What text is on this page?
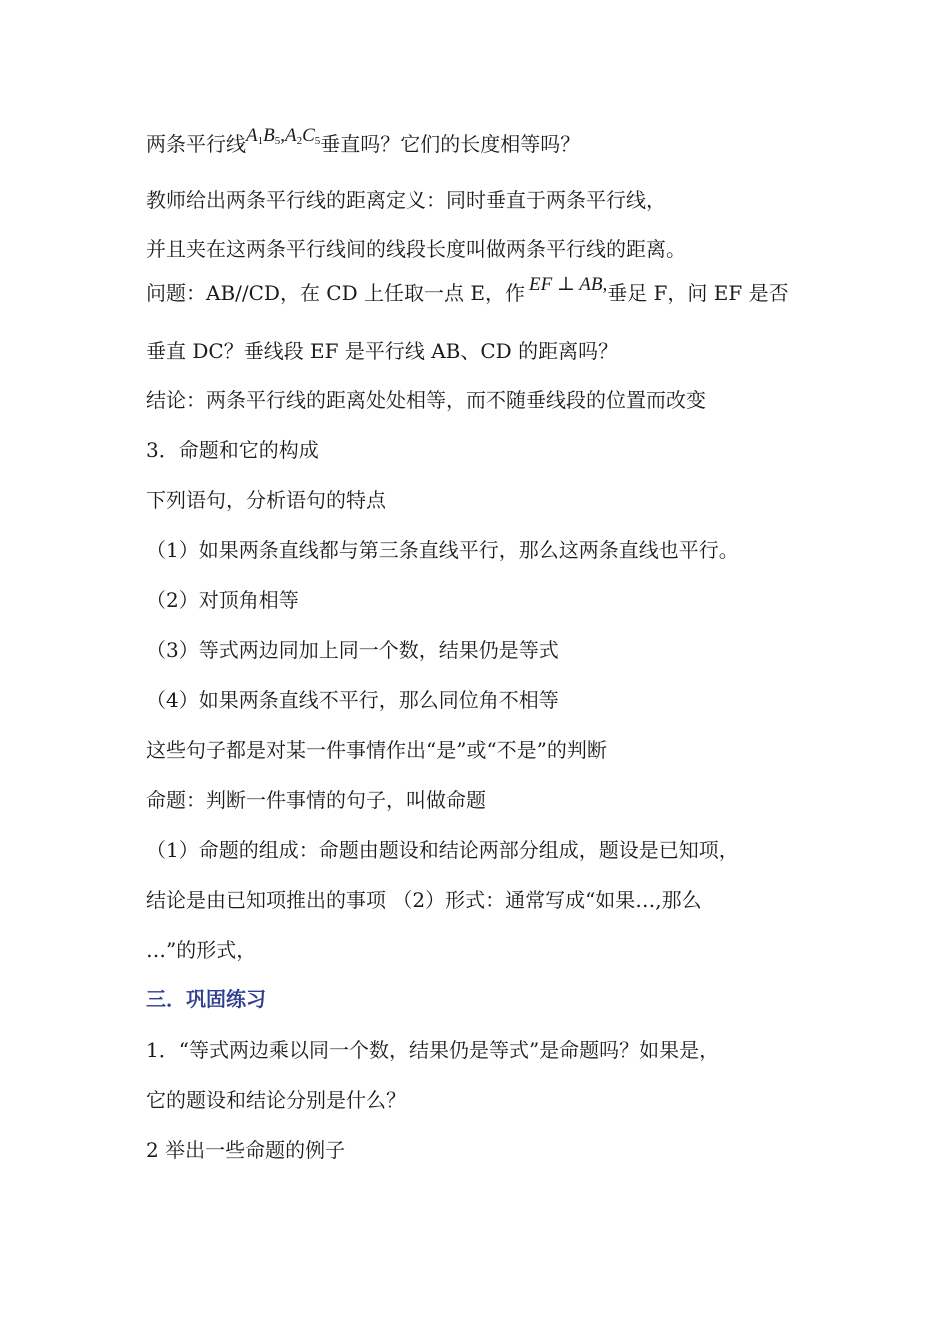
两条平行线$A_1B_5,A_2C_5$垂直吗？它们的长度相等吗？
教师给出两条平行线的距离定义：同时垂直于两条平行线，
并且夹在这两条平行线间的线段长度叫做两条平行线的距离。
问题：AB//CD，在 CD 上任取一点 E，作 EF ⊥ AB,垂足 F，问 EF 是否
垂直 DC？垂线段 EF 是平行线 AB、CD 的距离吗？
结论：两条平行线的距离处处相等，而不随垂线段的位置而改变
3．命题和它的构成
下列语句，分析语句的特点
（1）如果两条直线都与第三条直线平行，那么这两条直线也平行。
（2）对顶角相等
（3）等式两边同加上同一个数，结果仍是等式
（4）如果两条直线不平行，那么同位角不相等
这些句子都是对某一件事情作出“是”或“不是”的判断
命题：判断一件事情的句子，叫做命题
（1）命题的组成：命题由题设和结论两部分组成，题设是已知项，
结论是由已知项推出的事项 （2）形式：通常写成“如果…,那么
…”的形式，
三．巩固练习
1．“等式两边乘以同一个数，结果仍是等式”是命题吗？如果是，
它的题设和结论分别是什么？
2 举出一些命题的例子
